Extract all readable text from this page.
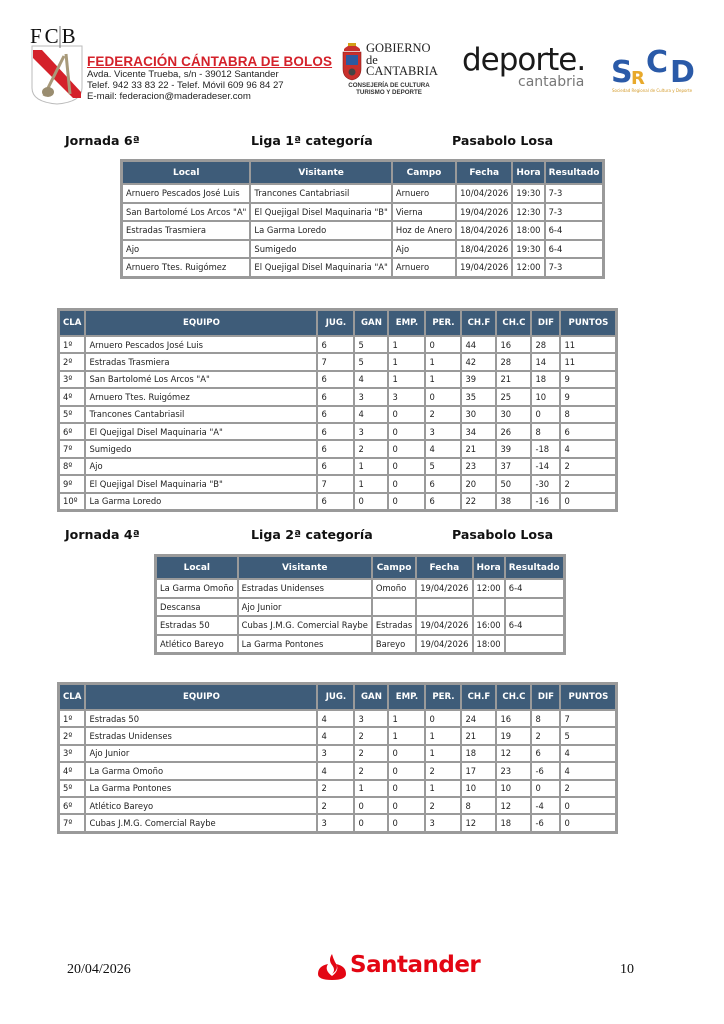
FCB
FEDERACIÓN CÁNTABRA DE BOLOS
Avda. Vicente Trueba, s/n - 39012 Santander
Telef. 942 33 83 22 - Telef. Móvil 609 96 84 27
E-mail: federacion@maderadeser.com
GOBIERNO
de
CANTABRIA
CONSEJERÍA DE CULTURA
TURISMO Y DEPORTE
deporte.
cantabria S
R C D
Sociedad Regional de Cultura y Deporte
Jornada 6ª	Liga 1ª categoría	Pasabolo Losa
Local	Visitante	Campo	Fecha	Hora	Resultado
Arnuero Pescados José Luis	Trancones Cantabriasil	Arnuero	10/04/2026	19:30	7-3
San Bartolomé Los Arcos "A"	El Quejigal Disel Maquinaria "B"	Vierna	19/04/2026	12:30	7-3
Estradas Trasmiera	La Garma Loredo	Hoz de Anero	18/04/2026	18:00	6-4
Ajo	Sumigedo	Ajo	18/04/2026	19:30	6-4
Arnuero Ttes. Ruigómez	El Quejigal Disel Maquinaria "A"	Arnuero	19/04/2026	12:00	7-3
CLA	EQUIPO	JUG.	GAN	EMP.	PER.	CH.F	CH.C	DIF	PUNTOS
1º	Arnuero Pescados José Luis	6	5	1	0	44	16	28	11
2º	Estradas Trasmiera	7	5	1	1	42	28	14	11
3º	San Bartolomé Los Arcos "A"	6	4	1	1	39	21	18	9
4º	Arnuero Ttes. Ruigómez	6	3	3	0	35	25	10	9
5º	Trancones Cantabriasil	6	4	0	2	30	30	0	8
6º	El Quejigal Disel Maquinaria "A"	6	3	0	3	34	26	8	6
7º	Sumigedo	6	2	0	4	21	39	-18	4
8º	Ajo	6	1	0	5	23	37	-14	2
9º	El Quejigal Disel Maquinaria "B"	7	1	0	6	20	50	-30	2
10º	La Garma Loredo	6	0	0	6	22	38	-16	0
Jornada 4ª	Liga 2ª categoría	Pasabolo Losa
Local	Visitante	Campo	Fecha	Hora	Resultado
La Garma Omoño	Estradas Unidenses	Omoño	19/04/2026	12:00	6-4
Descansa	Ajo Junior				
Estradas 50	Cubas J.M.G. Comercial Raybe	Estradas	19/04/2026	16:00	6-4
Atlético Bareyo	La Garma Pontones	Bareyo	19/04/2026	18:00	
CLA	EQUIPO	JUG.	GAN	EMP.	PER.	CH.F	CH.C	DIF	PUNTOS
1º	Estradas 50	4	3	1	0	24	16	8	7
2º	Estradas Unidenses	4	2	1	1	21	19	2	5
3º	Ajo Junior	3	2	0	1	18	12	6	4
4º	La Garma Omoño	4	2	0	2	17	23	-6	4
5º	La Garma Pontones	2	1	0	1	10	10	0	2
6º	Atlético Bareyo	2	0	0	2	8	12	-4	0
7º	Cubas J.M.G. Comercial Raybe	3	0	0	3	12	18	-6	0
20/04/2026	Santander	10
